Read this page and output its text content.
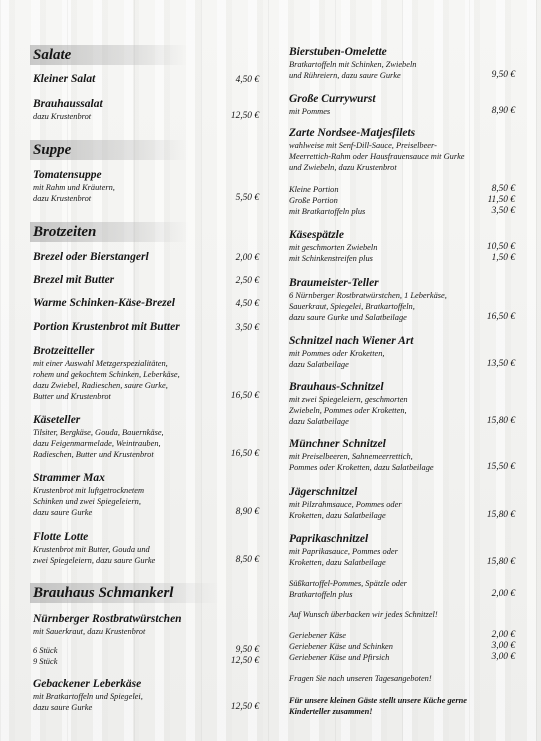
Salate
Kleiner Salat	4,50 €
Brauhaussalat
dazu Krustenbrot	12,50 €
Suppe
Tomatensuppe
mit Rahm und Kräutern,
dazu Krustenbrot	5,50 €
Brotzeiten
Brezel oder Bierstangerl	2,00 €
Brezel mit Butter	2,50 €
Warme Schinken-Käse-Brezel	4,50 €
Portion Krustenbrot mit Butter	3,50 €
Brotzeitteller
mit einer Auswahl Metzgerspezialitäten,
rohem und gekochtem Schinken, Leberkäse,
dazu Zwiebel, Radieschen, saure Gurke,
Butter und Krustenbrot	16,50 €
Käseteller
Tilsiter, Bergkäse, Gouda, Bauernkäse,
dazu Feigenmarmelade, Weintrauben,
Radieschen, Butter und Krustenbrot	16,50 €
Strammer Max
Krustenbrot mit luftgetrocknetem
Schinken und zwei Spiegeleiern,
dazu saure Gurke	8,90 €
Flotte Lotte
Krustenbrot mit Butter, Gouda und
zwei Spiegeleiern, dazu saure Gurke	8,50 €
Brauhaus Schmankerl
Nürnberger Rostbratwürstchen
mit Sauerkraut, dazu Krustenbrot
6 Stück	9,50 €
9 Stück	12,50 €
Gebackener Leberkäse
mit Bratkartoffeln und Spiegelei,
dazu saure Gurke	12,50 €
Bierstuben-Omelette
Bratkartoffeln mit Schinken, Zwiebeln
und Rühreiern, dazu saure Gurke	9,50 €
Große Currywurst
mit Pommes	8,90 €
Zarte Nordsee-Matjesfilets
wahlweise mit Senf-Dill-Sauce, Preiselbeer-
Meerrettich-Rahm oder Hausfrauensauce mit Gurke
und Zwiebeln, dazu Krustenbrot
Kleine Portion	8,50 €
Große Portion	11,50 €
mit Bratkartoffeln plus	3,50 €
Käsespätzle
mit geschmorten Zwiebeln	10,50 €
mit Schinkenstreifen plus	1,50 €
Braumeister-Teller
6 Nürnberger Rostbratwürstchen, 1 Leberkäse,
Sauerkraut, Spiegelei, Bratkartoffeln,
dazu saure Gurke und Salatbeilage	16,50 €
Schnitzel nach Wiener Art
mit Pommes oder Kroketten,
dazu Salatbeilage	13,50 €
Brauhaus-Schnitzel
mit zwei Spiegeleiern, geschmorten
Zwiebeln, Pommes oder Kroketten,
dazu Salatbeilage	15,80 €
Münchner Schnitzel
mit Preiselbeeren, Sahnemeerrettich,
Pommes oder Kroketten, dazu Salatbeilage	15,50 €
Jägerschnitzel
mit Pilzrahmsauce, Pommes oder
Kroketten, dazu Salatbeilage	15,80 €
Paprikaschnitzel
mit Paprikasauce, Pommes oder
Kroketten, dazu Salatbeilage	15,80 €
Süßkartoffel-Pommes, Spätzle oder
Bratkartoffeln plus	2,00 €
Auf Wunsch überbacken wir jedes Schnitzel!
Geriebener Käse	2,00 €
Geriebener Käse und Schinken	3,00 €
Geriebener Käse und Pfirsich	3,00 €
Fragen Sie nach unseren Tagesangeboten!
Für unsere kleinen Gäste stellt unsere Küche gerne
Kinderteller zusammen!
